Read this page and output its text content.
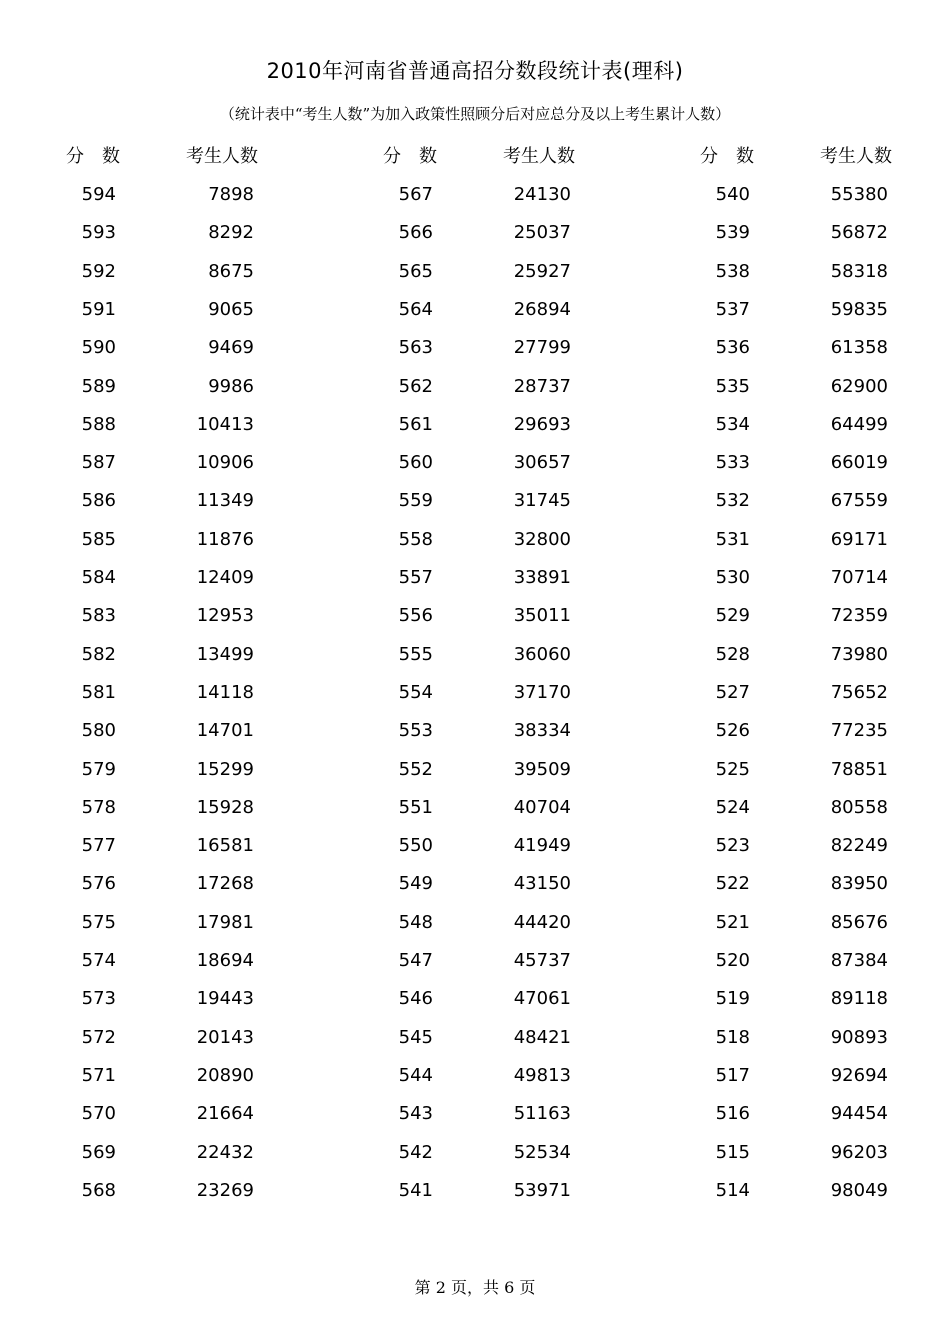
2010年河南省普通高招分数段统计表(理科)
（统计表中“考生人数”为加入政策性照顾分后对应总分及以上考生累计人数）
分　数	考生人数
594	7898
593	8292
592	8675
591	9065
590	9469
589	9986
588	10413
587	10906
586	11349
585	11876
584	12409
583	12953
582	13499
581	14118
580	14701
579	15299
578	15928
577	16581
576	17268
575	17981
574	18694
573	19443
572	20143
571	20890
570	21664
569	22432
568	23269
分　数	考生人数
567	24130
566	25037
565	25927
564	26894
563	27799
562	28737
561	29693
560	30657
559	31745
558	32800
557	33891
556	35011
555	36060
554	37170
553	38334
552	39509
551	40704
550	41949
549	43150
548	44420
547	45737
546	47061
545	48421
544	49813
543	51163
542	52534
541	53971
分　数	考生人数
540	55380
539	56872
538	58318
537	59835
536	61358
535	62900
534	64499
533	66019
532	67559
531	69171
530	70714
529	72359
528	73980
527	75652
526	77235
525	78851
524	80558
523	82249
522	83950
521	85676
520	87384
519	89118
518	90893
517	92694
516	94454
515	96203
514	98049
第 2 页，共 6 页
